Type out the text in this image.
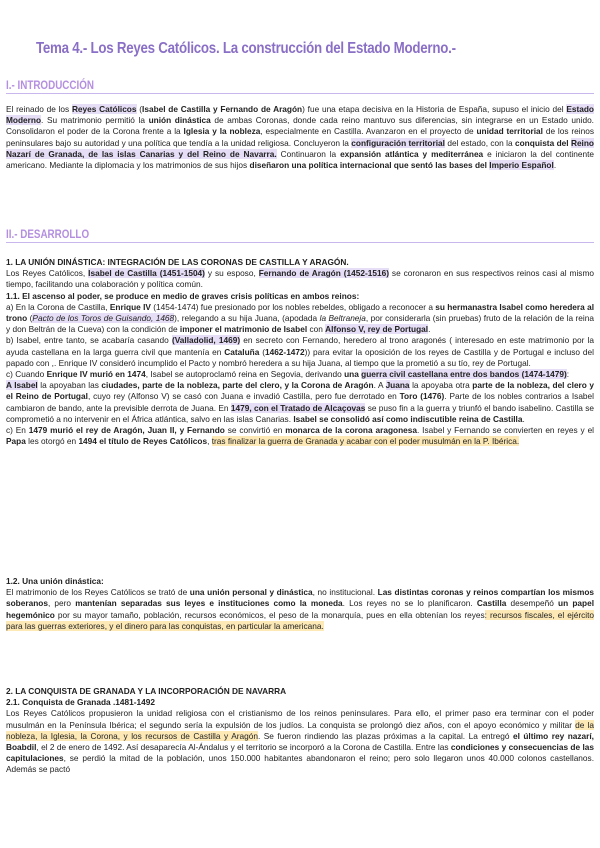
Tema 4.- Los Reyes Católicos. La construcción del Estado Moderno.-
I.- INTRODUCCIÓN

El reinado de los Reyes Católicos (Isabel de Castilla y Fernando de Aragón) fue una etapa decisiva en la Historia de España, supuso el inicio del Estado Moderno. Su matrimonio permitió la unión dinástica de ambas Coronas, donde cada reino mantuvo sus diferencias, sin integrarse en un Estado unido. Consolidaron el poder de la Corona frente a la Iglesia y la nobleza, especialmente en Castilla. Avanzaron en el proyecto de unidad territorial de los reinos peninsulares bajo su autoridad y una política que tendía a la unidad religiosa. Concluyeron la configuración territorial del estado, con la conquista del Reino Nazarí de Granada, de las islas Canarias y del Reino de Navarra. Continuaron la expansión atlántica y mediterránea e iniciaron la del continente americano. Mediante la diplomacia y los matrimonios de sus hijos diseñaron una política internacional que sentó las bases del Imperio Español.

II.- DESARROLLO

1. LA UNIÓN DINÁSTICA: INTEGRACIÓN DE LAS CORONAS DE CASTILLA Y ARAGÓN.

Los Reyes Católicos, Isabel de Castilla (1451-1504) y su esposo, Fernando de Aragón (1452-1516) se coronaron en sus respectivos reinos casi al mismo tiempo, facilitando una colaboración y política común.

1.1. El ascenso al poder, se produce en medio de graves crisis políticas en ambos reinos:

a) En la Corona de Castilla, Enrique IV (1454-1474) fue presionado por los nobles rebeldes, obligado a reconocer a su hermanastra Isabel como heredera al trono (Pacto de los Toros de Guisando, 1468), relegando a su hija Juana, (apodada la Beltraneja, por considerarla (sin pruebas) fruto de la relación de la reina y don Beltrán de la Cueva) con la condición de imponer el matrimonio de Isabel con Alfonso V, rey de Portugal.

b) Isabel, entre tanto, se acabaría casando (Valladolid, 1469) en secreto con Fernando, heredero al trono aragonés ( interesado en este matrimonio por la ayuda castellana en la larga guerra civil que mantenía en Cataluña (1462-1472)) para evitar la oposición de los reyes de Castilla y de Portugal e incluso del papado con ,. Enrique IV consideró incumplido el Pacto y nombró heredera a su hija Juana, al tiempo que la prometió a su tío, rey de Portugal.

c) Cuando Enrique IV murió en 1474, Isabel se autoproclamó reina en Segovia, derivando una guerra civil castellana entre dos bandos (1474-1479):

A Isabel la apoyaban las ciudades, parte de la nobleza, parte del clero, y la Corona de Aragón. A Juana la apoyaba otra parte de la nobleza, del clero y el Reino de Portugal, cuyo rey (Alfonso V) se casó con Juana e invadió Castilla, pero fue derrotado en Toro (1476). Parte de los nobles contrarios a Isabel cambiaron de bando, ante la previsible derrota de Juana. En 1479, con el Tratado de Alcaçovas se puso fin a la guerra y triunfó el bando isabelino. Castilla se comprometió a no intervenir en el África atlántica, salvo en las islas Canarias. Isabel se consolidó así como indiscutible reina de Castilla.

c) En 1479 murió el rey de Aragón, Juan II, y Fernando se convirtió en monarca de la corona aragonesa. Isabel y Fernando se convierten en reyes y el Papa les otorgó en 1494 el título de Reyes Católicos, tras finalizar la guerra de Granada y acabar con el poder musulmán en la P. Ibérica.

1.2. Una unión dinástica:

El matrimonio de los Reyes Católicos se trató de una unión personal y dinástica, no institucional. Las distintas coronas y reinos compartían los mismos soberanos, pero mantenían separadas sus leyes e instituciones como la moneda. Los reyes no se lo planificaron. Castilla desempeñó un papel hegemónico por su mayor tamaño, población, recursos económicos, el peso de la monarquía, pues en ella obtenían los reyes: recursos fiscales, el ejército para las guerras exteriores, y el dinero para las conquistas, en particular la americana.

2. LA CONQUISTA DE GRANADA Y LA INCORPORACIÓN DE NAVARRA

2.1. Conquista de Granada .1481-1492

Los Reyes Católicos propusieron la unidad religiosa con el cristianismo de los reinos peninsulares. Para ello, el primer paso era terminar con el poder musulmán en la Península Ibérica; el segundo sería la expulsión de los judíos. La conquista se prolongó diez años, con el apoyo económico y militar de la nobleza, la Iglesia, la Corona, y los recursos de Castilla y Aragón. Se fueron rindiendo las plazas próximas a la capital. La entregó el último rey nazarí, Boabdil, el 2 de enero de 1492. Así desaparecía Al-Ándalus y el territorio se incorporó a la Corona de Castilla. Entre las condiciones y consecuencias de las capitulaciones, se perdió la mitad de la población, unos 150.000 habitantes abandonaron el reino; pero solo llegaron unos 40.000 colonos castellanos. Además se pactó
